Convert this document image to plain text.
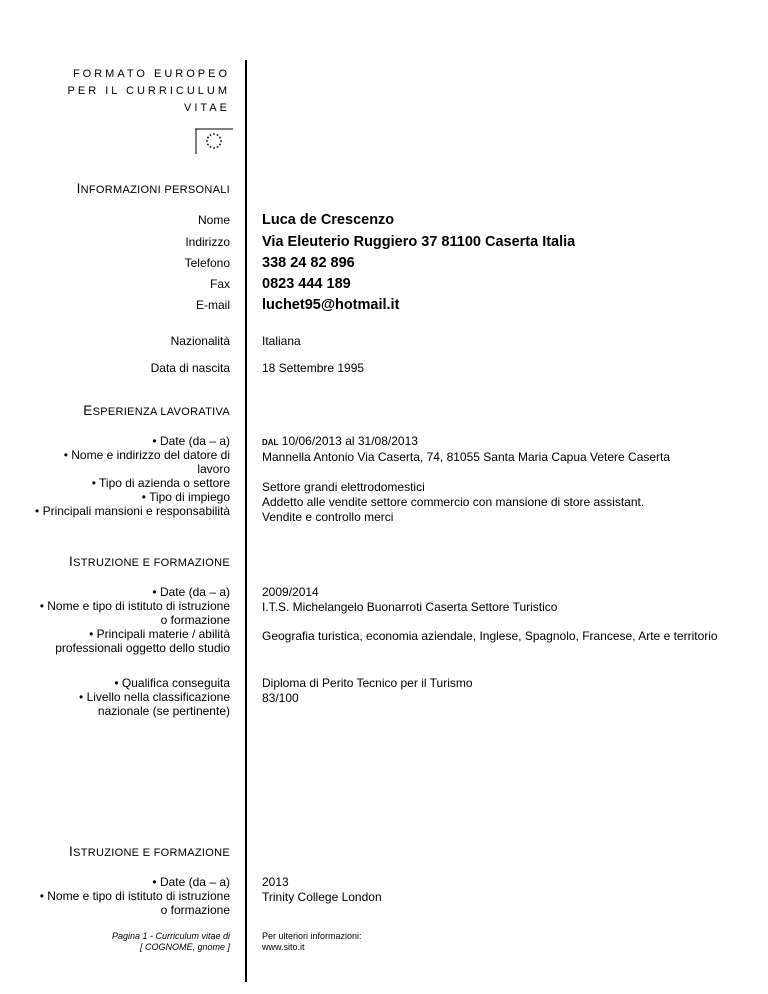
FORMATO EUROPEO
PER IL CURRICULUM
VITAE
INFORMAZIONI PERSONALI
Nome Luca de Crescenzo
Indirizzo Via Eleuterio Ruggiero 37 81100 Caserta Italia
Telefono 338 24 82 896
Fax 0823 444 189
E-mail luchet95@hotmail.it
Nazionalità	Italiana
Data di nascita	18 Settembre 1995
ESPERIENZA LAVORATIVA
• Date (da – a)
• Nome e indirizzo del datore di
lavoro
• Tipo di azienda o settore
• Tipo di impiego
• Principali mansioni e responsabilità
DAL 10/06/2013 al 31/08/2013
Mannella Antonio Via Caserta, 74, 81055 Santa Maria Capua Vetere Caserta
Settore grandi elettrodomestici
Addetto alle vendite settore commercio con mansione di store assistant.
Vendite e controllo merci
ISTRUZIONE E FORMAZIONE
• Date (da – a)
• Nome e tipo di istituto di istruzione
o formazione
• Principali materie / abilità
professionali oggetto dello studio
2009/2014
I.T.S. Michelangelo Buonarroti Caserta Settore Turistico
Geografia turistica, economia aziendale, Inglese, Spagnolo, Francese, Arte e territorio
• Qualifica conseguita
• Livello nella classificazione
nazionale (se pertinente)
Diploma di Perito Tecnico per il Turismo
83/100
ISTRUZIONE E FORMAZIONE
• Date (da – a)
• Nome e tipo di istituto di istruzione
o formazione
2013
Trinity College London
Pagina 1 - Curriculum vitae di
[ COGNOME, gnome ]
Per ulteriori informazioni:
www.sito.it
